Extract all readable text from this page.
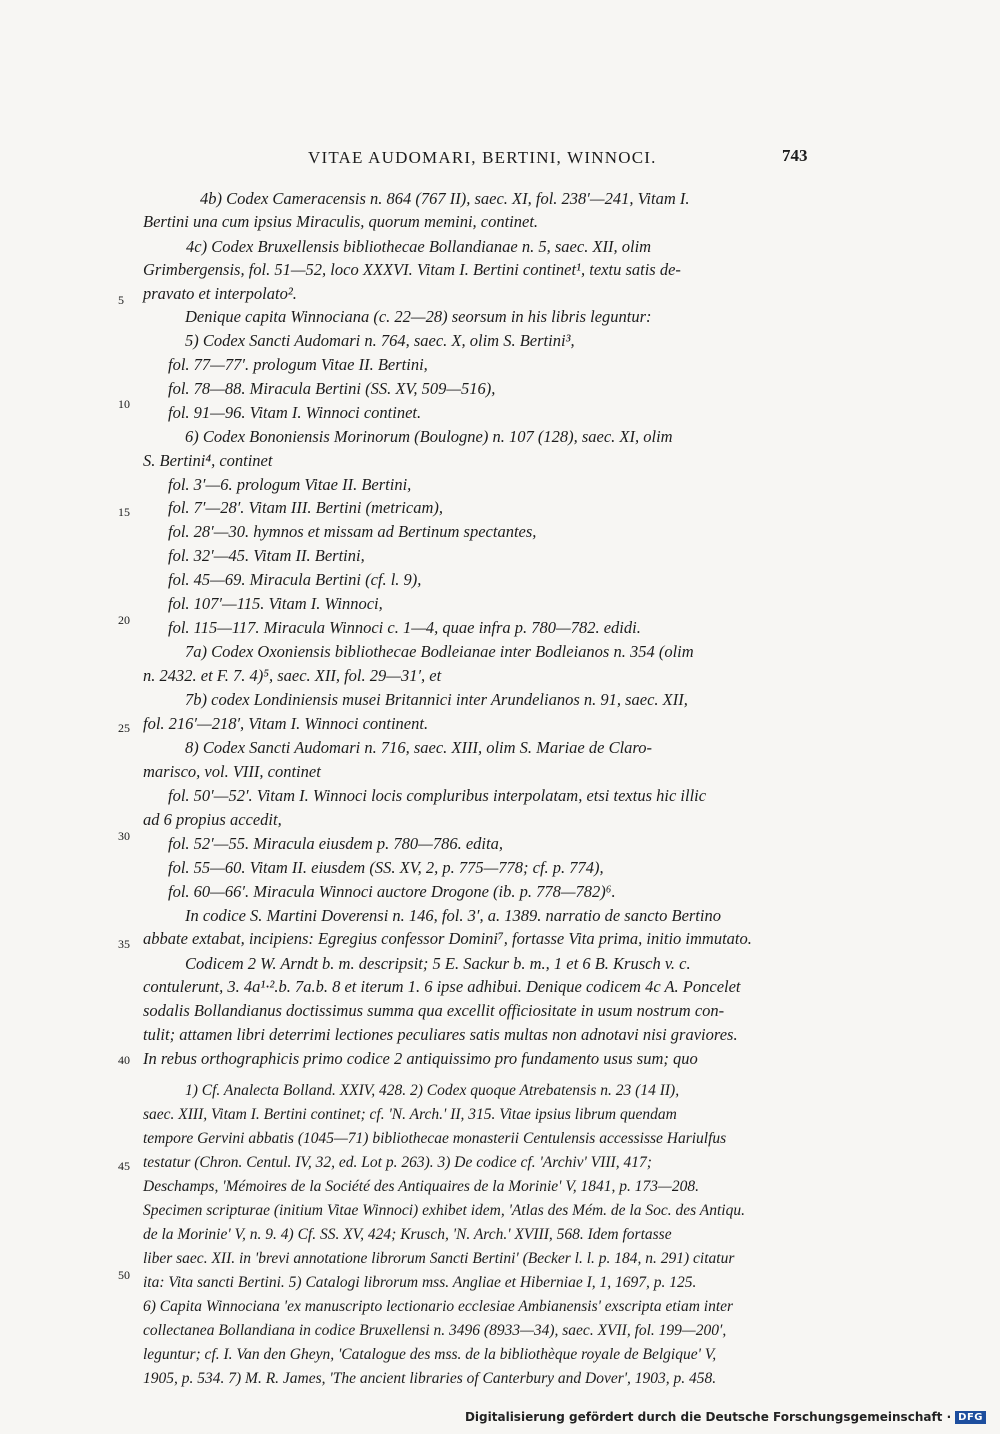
VITAE AUDOMARI, BERTINI, WINNOCI.	743
4b) Codex Cameracensis n. 864 (767 II), saec. XI, fol. 238′—241, Vitam I.
Bertini una cum ipsius Miraculis, quorum memini, continet.
4c) Codex Bruxellensis bibliothecae Bollandianae n. 5, saec. XII, olim
Grimbergensis, fol. 51—52, loco XXXVI. Vitam I. Bertini continet¹, textu satis de-
pravato et interpolato².
Denique capita Winnociana (c. 22—28) seorsum in his libris leguntur:
5) Codex Sancti Audomari n. 764, saec. X, olim S. Bertini³,
fol. 77—77′. prologum Vitae II. Bertini,
fol. 78—88. Miracula Bertini (SS. XV, 509—516),
fol. 91—96. Vitam I. Winnoci continet.
6) Codex Bononiensis Morinorum (Boulogne) n. 107 (128), saec. XI, olim
S. Bertini⁴, continet
fol. 3′—6. prologum Vitae II. Bertini,
fol. 7′—28′. Vitam III. Bertini (metricam),
fol. 28′—30. hymnos et missam ad Bertinum spectantes,
fol. 32′—45. Vitam II. Bertini,
fol. 45—69. Miracula Bertini (cf. l. 9),
fol. 107′—115. Vitam I. Winnoci,
fol. 115—117. Miracula Winnoci c. 1—4, quae infra p. 780—782. edidi.
7a) Codex Oxoniensis bibliothecae Bodleianae inter Bodleianos n. 354 (olim
n. 2432. et F. 7. 4)⁵, saec. XII, fol. 29—31′, et
7b) codex Londiniensis musei Britannici inter Arundelianos n. 91, saec. XII,
fol. 216′—218′, Vitam I. Winnoci continent.
8) Codex Sancti Audomari n. 716, saec. XIII, olim S. Mariae de Claro-
marisco, vol. VIII, continet
fol. 50′—52′. Vitam I. Winnoci locis compluribus interpolatam, etsi textus hic illic
ad 6 propius accedit,
fol. 52′—55. Miracula eiusdem p. 780—786. edita,
fol. 55—60. Vitam II. eiusdem (SS. XV, 2, p. 775—778; cf. p. 774),
fol. 60—66′. Miracula Winnoci auctore Drogone (ib. p. 778—782)⁶.
In codice S. Martini Doverensi n. 146, fol. 3′, a. 1389. narratio de sancto Bertino
abbate extabat, incipiens: Egregius confessor Domini⁷, fortasse Vita prima, initio immutato.
Codicem 2 W. Arndt b. m. descripsit; 5 E. Sackur b. m., 1 et 6 B. Krusch v. c.
contulerunt, 3. 4a¹·².b. 7a.b. 8 et iterum 1. 6 ipse adhibui. Denique codicem 4c A. Poncelet
sodalis Bollandianus doctissimus summa qua excellit officiositate in usum nostrum con-
tulit; attamen libri deterrimi lectiones peculiares satis multas non adnotavi nisi graviores.
In rebus orthographicis primo codice 2 antiquissimo pro fundamento usus sum; quo
1) Cf. Analecta Bolland. XXIV, 428. 2) Codex quoque Atrebatensis n. 23 (14 II),
saec. XIII, Vitam I. Bertini continet; cf. 'N. Arch.' II, 315. Vitae ipsius librum quendam
tempore Gervini abbatis (1045—71) bibliothecae monasterii Centulensis accessisse Hariulfus
testatur (Chron. Centul. IV, 32, ed. Lot p. 263). 3) De codice cf. 'Archiv' VIII, 417;
Deschamps, 'Mémoires de la Société des Antiquaires de la Morinie' V, 1841, p. 173—208.
Specimen scripturae (initium Vitae Winnoci) exhibet idem, 'Atlas des Mém. de la Soc. des Antiqu.
de la Morinie' V, n. 9. 4) Cf. SS. XV, 424; Krusch, 'N. Arch.' XVIII, 568. Idem fortasse
liber saec. XII. in 'brevi annotatione librorum Sancti Bertini' (Becker l. l. p. 184, n. 291) citatur
ita: Vita sancti Bertini. 5) Catalogi librorum mss. Angliae et Hiberniae I, 1, 1697, p. 125.
6) Capita Winnociana 'ex manuscripto lectionario ecclesiae Ambianensis' exscripta etiam inter
collectanea Bollandiana in codice Bruxellensi n. 3496 (8933—34), saec. XVII, fol. 199—200′,
leguntur; cf. I. Van den Gheyn, 'Catalogue des mss. de la bibliothèque royale de Belgique' V,
1905, p. 534. 7) M. R. James, 'The ancient libraries of Canterbury and Dover', 1903, p. 458.
5
10
15
20
25
30
35
40
45
50
Digitalisierung gefördert durch die Deutsche Forschungsgemeinschaft · DFG
